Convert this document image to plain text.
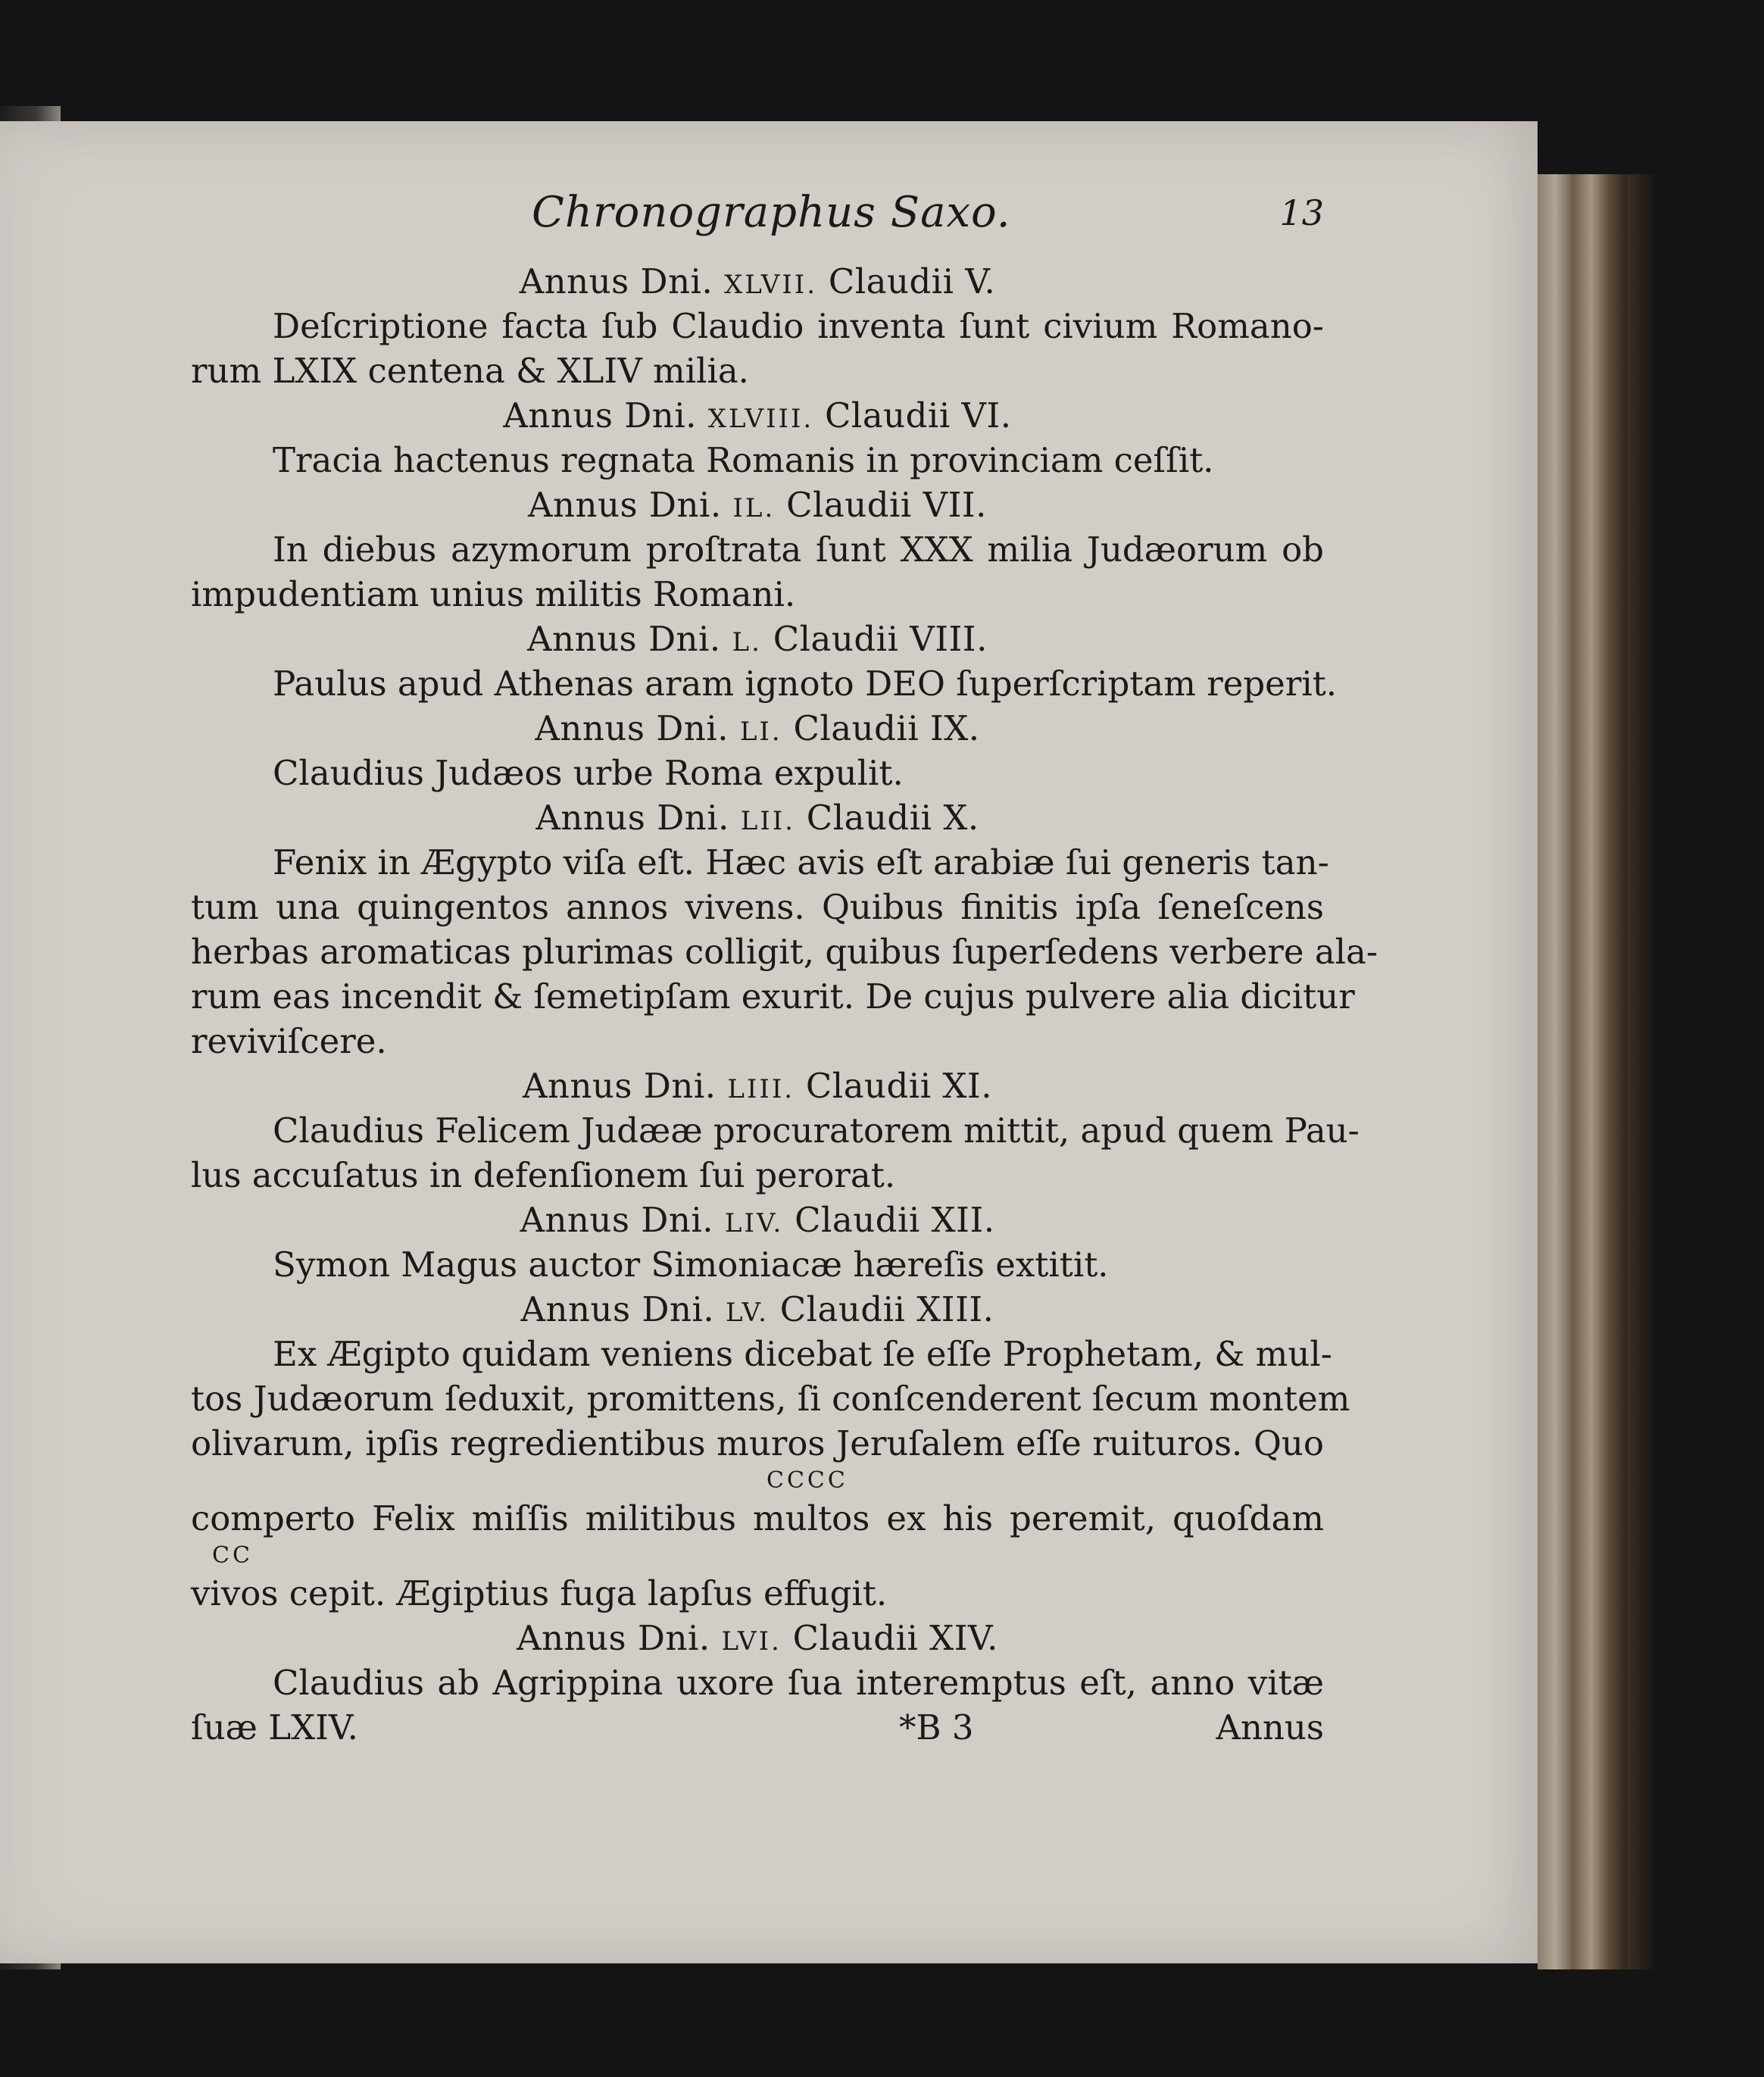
Chronographus Saxo.	13
Annus Dni. XLVII. Claudii V.
Deſcriptione facta ſub Claudio inventa ſunt civium Romano-
rum LXIX centena & XLIV milia.
Annus Dni. XLVIII. Claudii VI.
Tracia hactenus regnata Romanis in provinciam ceſſit.
Annus Dni. IL. Claudii VII.
In diebus azymorum proſtrata ſunt XXX milia Judæorum ob
impudentiam unius militis Romani.
Annus Dni. L. Claudii VIII.
Paulus apud Athenas aram ignoto DEO ſuperſcriptam reperit.
Annus Dni. LI. Claudii IX.
Claudius Judæos urbe Roma expulit.
Annus Dni. LII. Claudii X.
Fenix in Ægypto viſa eſt. Hæc avis eſt arabiæ ſui generis tan-
tum una quingentos annos vivens. Quibus finitis ipſa ſeneſcens
herbas aromaticas plurimas colligit, quibus ſuperſedens verbere ala-
rum eas incendit & ſemetipſam exurit. De cujus pulvere alia dicitur
reviviſcere.
Annus Dni. LIII. Claudii XI.
Claudius Felicem Judææ procuratorem mittit, apud quem Pau-
lus accuſatus in defenſionem ſui perorat.
Annus Dni. LIV. Claudii XII.
Symon Magus auctor Simoniacæ hæreſis extitit.
Annus Dni. LV. Claudii XIII.
Ex Ægipto quidam veniens dicebat ſe eſſe Prophetam, & mul-
tos Judæorum ſeduxit, promittens, ſi conſcenderent ſecum montem
olivarum, ipſis regredientibus muros Jeruſalem eſſe ruituros. Quo
CCCC
comperto Felix miſſis militibus multos ex his peremit, quoſdam
CC
vivos cepit. Ægiptius fuga lapſus effugit.
Annus Dni. LVI. Claudii XIV.
Claudius ab Agrippina uxore ſua interemptus eſt, anno vitæ
ſuæ LXIV.	*B 3	Annus
